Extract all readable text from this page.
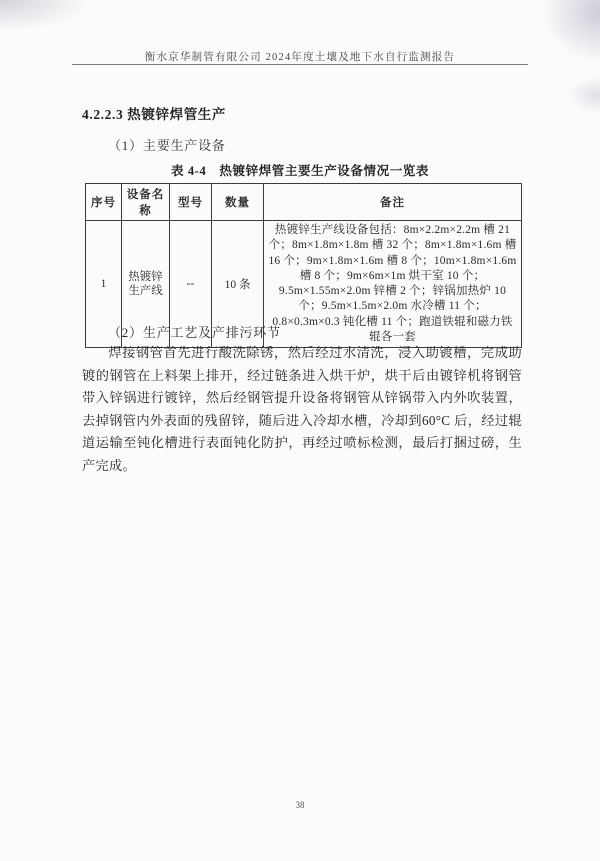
衡水京华制管有限公司 2024年度土壤及地下水自行监测报告
4.2.2.3 热镀锌焊管生产
（1）主要生产设备
表 4-4　热镀锌焊管主要生产设备情况一览表
序号	设备名称	型号	数量	备注
1	热镀锌生产线	--	10 条	热镀锌生产线设备包括：8m×2.2m×2.2m 槽 21 个；8m×1.8m×1.8m 槽 32 个；8m×1.8m×1.6m 槽 16 个；9m×1.8m×1.6m 槽 8 个；10m×1.8m×1.6m 槽 8 个；9m×6m×1m 烘干室 10 个；9.5m×1.55m×2.0m 锌槽 2 个；锌锅加热炉 10 个；9.5m×1.5m×2.0m 水冷槽 11 个；0.8×0.3m×0.3 钝化槽 11 个；跑道铁辊和磁力铁辊各一套
（2）生产工艺及产排污环节
焊接钢管首先进行酸洗除锈，然后经过水清洗，浸入助镀槽，完成助镀的钢管在上料架上排开，经过链条进入烘干炉，烘干后由镀锌机将钢管带入锌锅进行镀锌，然后经钢管提升设备将钢管从锌锅带入内外吹装置，去掉钢管内外表面的残留锌，随后进入冷却水槽，冷却到60°C 后，经过辊道运输至钝化槽进行表面钝化防护，再经过喷标检测，最后打捆过磅，生产完成。
38
